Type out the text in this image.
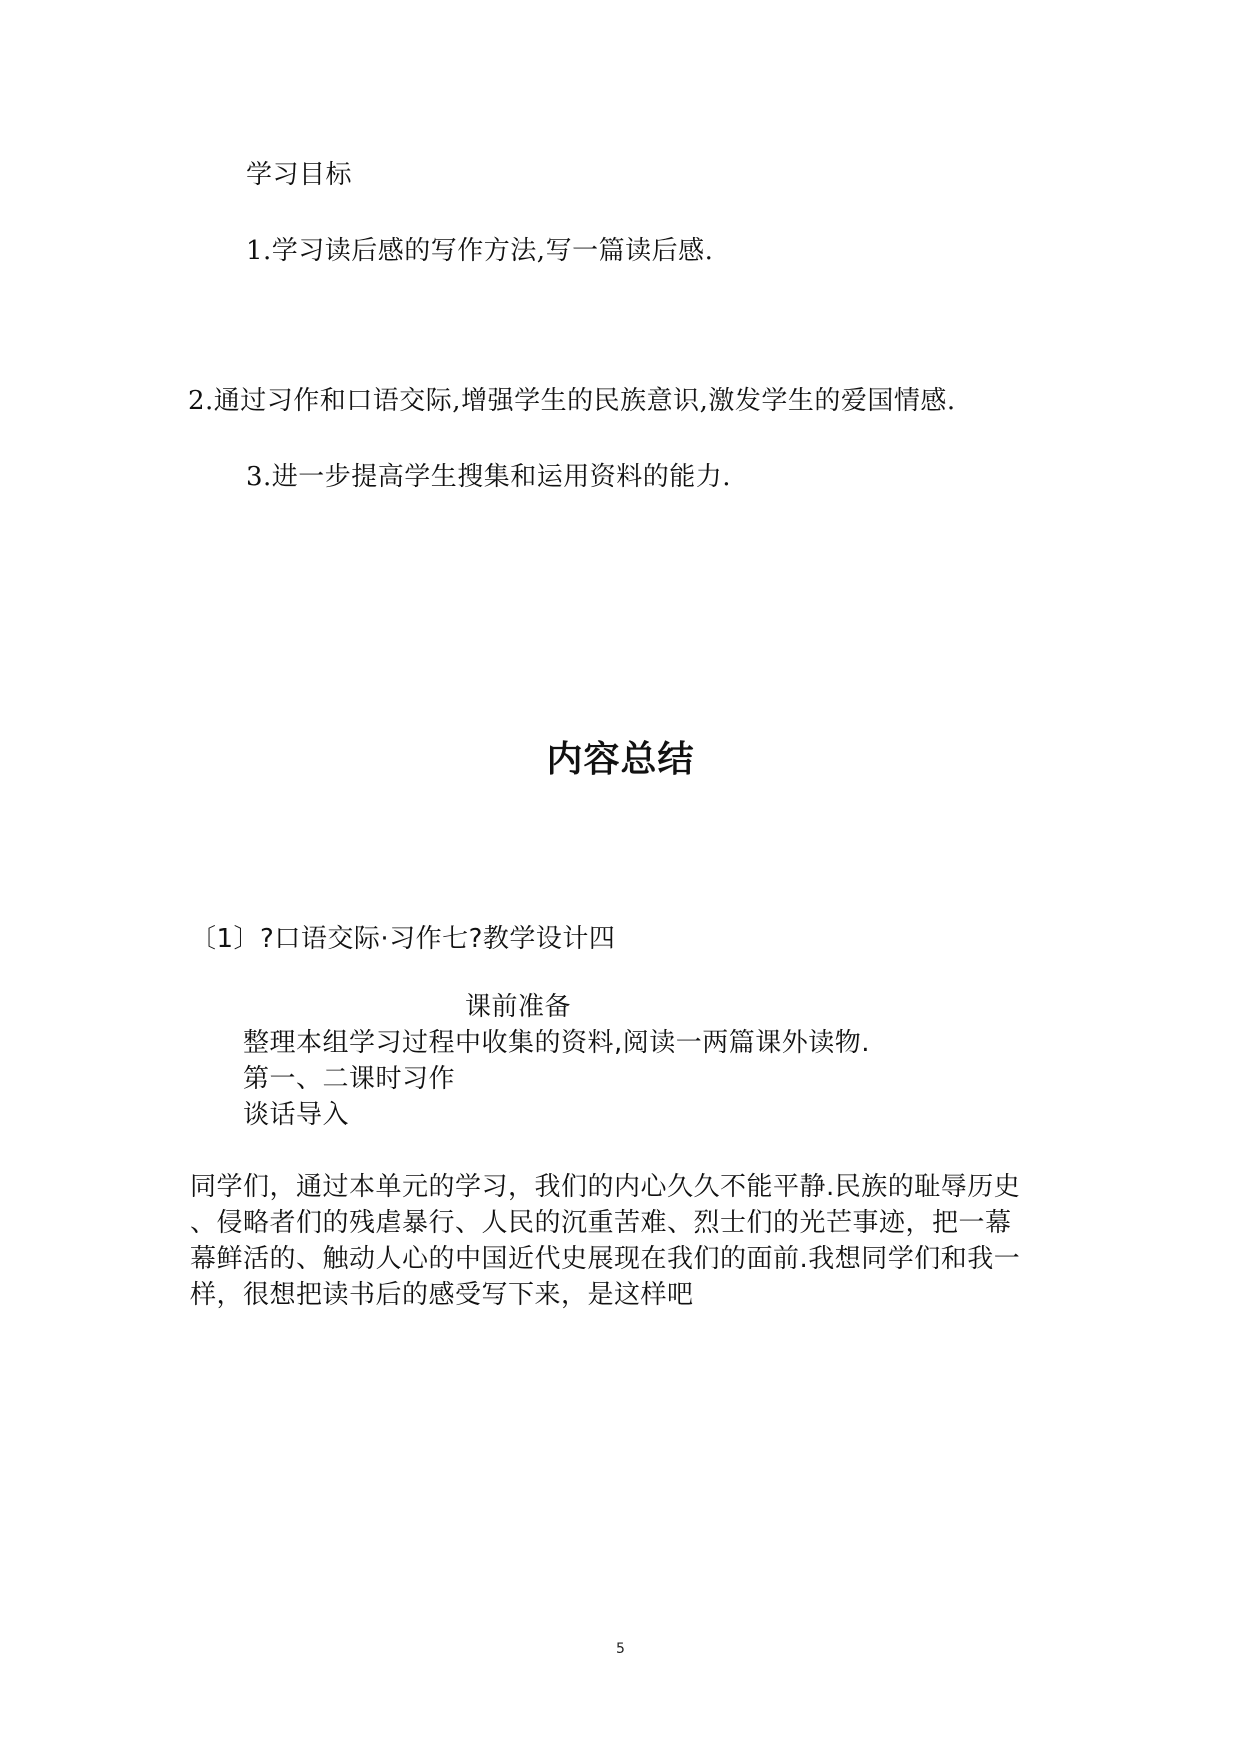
学习目标
1.学习读后感的写作方法,写一篇读后感.
2.通过习作和口语交际,增强学生的民族意识,激发学生的爱国情感.
3.进一步提高学生搜集和运用资料的能力.
内容总结
〔1〕?口语交际·习作七?教学设计四
课前准备
整理本组学习过程中收集的资料,阅读一两篇课外读物.
第一、二课时习作
谈话导入
同学们，通过本单元的学习，我们的内心久久不能平静.民族的耻辱历史
、侵略者们的残虐暴行、人民的沉重苦难、烈士们的光芒事迹，把一幕
幕鲜活的、触动人心的中国近代史展现在我们的面前.我想同学们和我一
样，很想把读书后的感受写下来，是这样吧
5
